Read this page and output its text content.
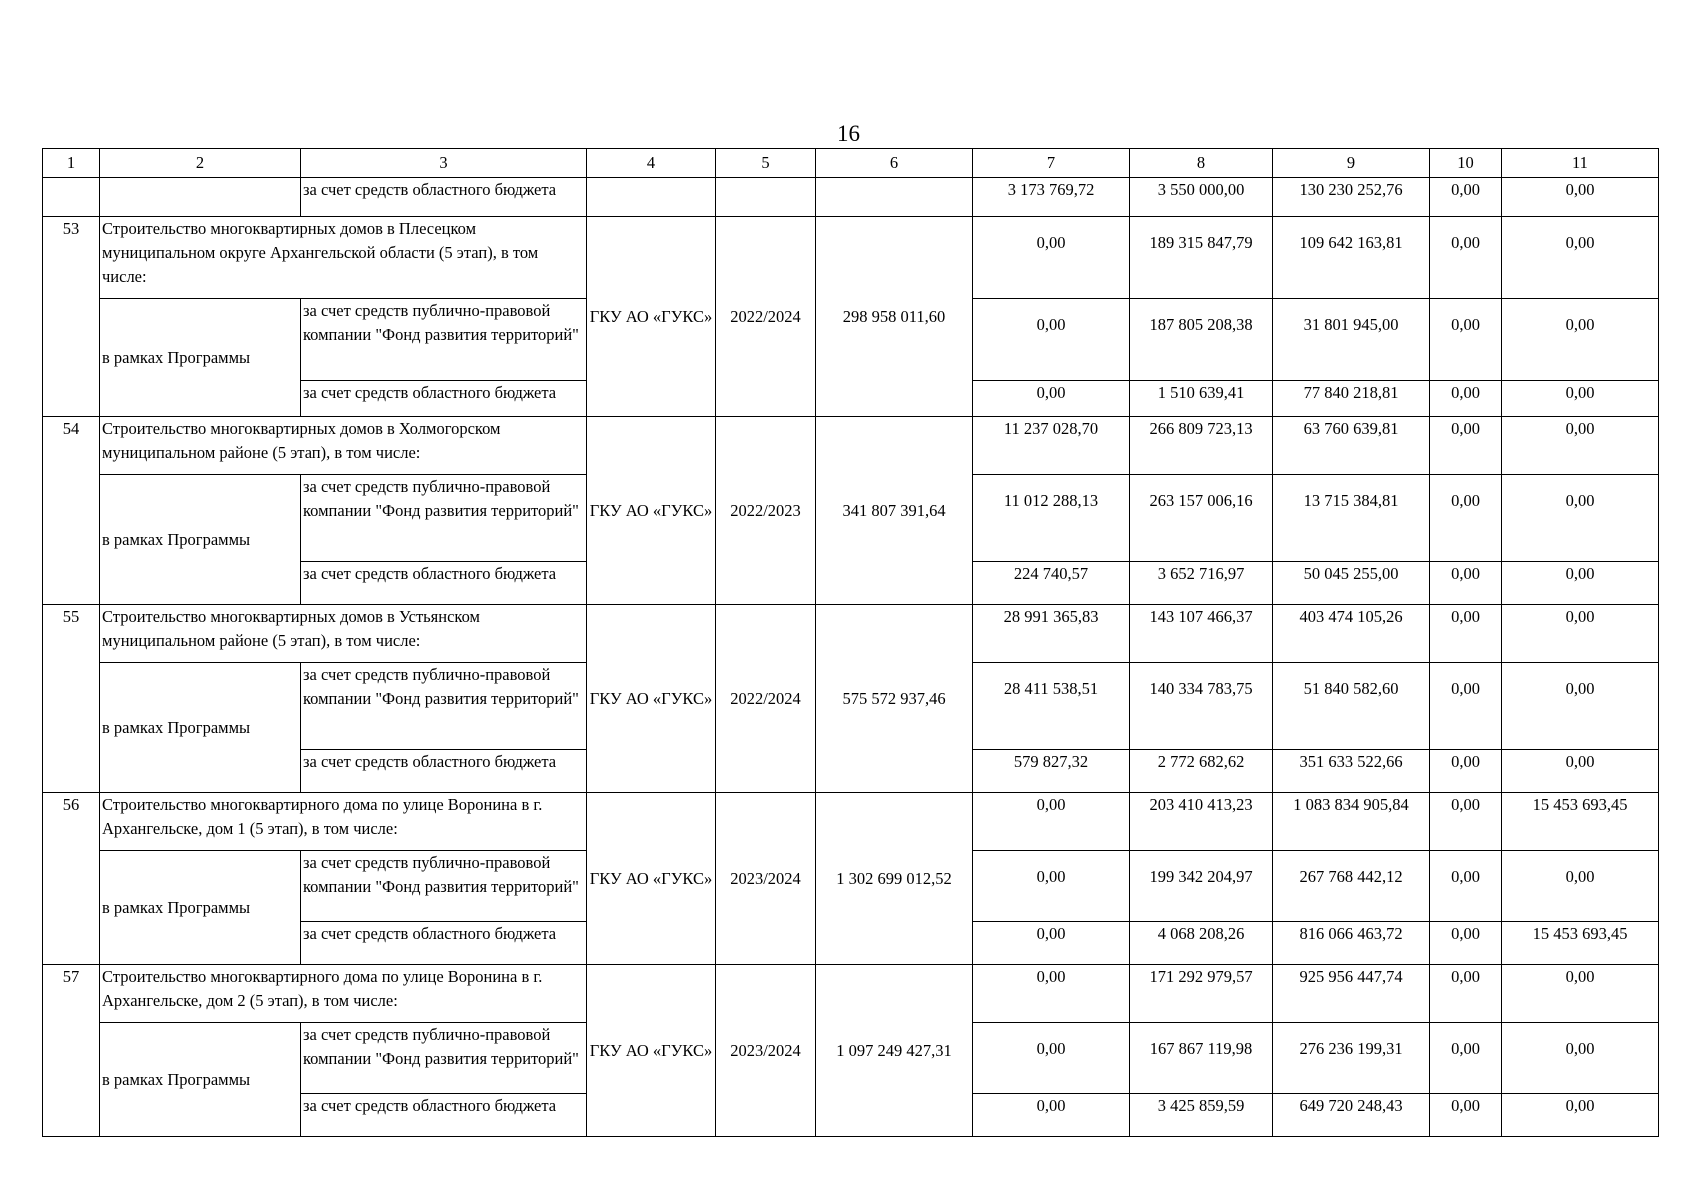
16
1	2	3	4	5	6	7	8	9	10	11
		за счет средств областного бюджета				3 173 769,72	3 550 000,00	130 230 252,76	0,00	0,00
53	Строительство многоквартирных домов в Плесецком муниципальном округе Архангельской области (5 этап), в том числе:		ГКУ АО «ГУКС»	2022/2024	298 958 011,60	0,00	189 315 847,79	109 642 163,81	0,00	0,00
	в рамках Программы	за счет средств публично-правовой компании "Фонд развития территорий"				0,00	187 805 208,38	31 801 945,00	0,00	0,00
		за счет средств областного бюджета				0,00	1 510 639,41	77 840 218,81	0,00	0,00
54	Строительство многоквартирных домов в Холмогорском муниципальном районе (5 этап), в том числе:		ГКУ АО «ГУКС»	2022/2023	341 807 391,64	11 237 028,70	266 809 723,13	63 760 639,81	0,00	0,00
	в рамках Программы	за счет средств публично-правовой компании "Фонд развития территорий"				11 012 288,13	263 157 006,16	13 715 384,81	0,00	0,00
		за счет средств областного бюджета				224 740,57	3 652 716,97	50 045 255,00	0,00	0,00
55	Строительство многоквартирных домов в Устьянском муниципальном районе (5 этап), в том числе:		ГКУ АО «ГУКС»	2022/2024	575 572 937,46	28 991 365,83	143 107 466,37	403 474 105,26	0,00	0,00
	в рамках Программы	за счет средств публично-правовой компании "Фонд развития территорий"				28 411 538,51	140 334 783,75	51 840 582,60	0,00	0,00
		за счет средств областного бюджета				579 827,32	2 772 682,62	351 633 522,66	0,00	0,00
56	Строительство многоквартирного дома по улице Воронина в г. Архангельске, дом 1 (5 этап), в том числе:		ГКУ АО «ГУКС»	2023/2024	1 302 699 012,52	0,00	203 410 413,23	1 083 834 905,84	0,00	15 453 693,45
	в рамках Программы	за счет средств публично-правовой компании "Фонд развития территорий"				0,00	199 342 204,97	267 768 442,12	0,00	0,00
		за счет средств областного бюджета				0,00	4 068 208,26	816 066 463,72	0,00	15 453 693,45
57	Строительство многоквартирного дома по улице Воронина в г. Архангельске, дом 2 (5 этап), в том числе:		ГКУ АО «ГУКС»	2023/2024	1 097 249 427,31	0,00	171 292 979,57	925 956 447,74	0,00	0,00
	в рамках Программы	за счет средств публично-правовой компании "Фонд развития территорий"				0,00	167 867 119,98	276 236 199,31	0,00	0,00
		за счет средств областного бюджета				0,00	3 425 859,59	649 720 248,43	0,00	0,00
